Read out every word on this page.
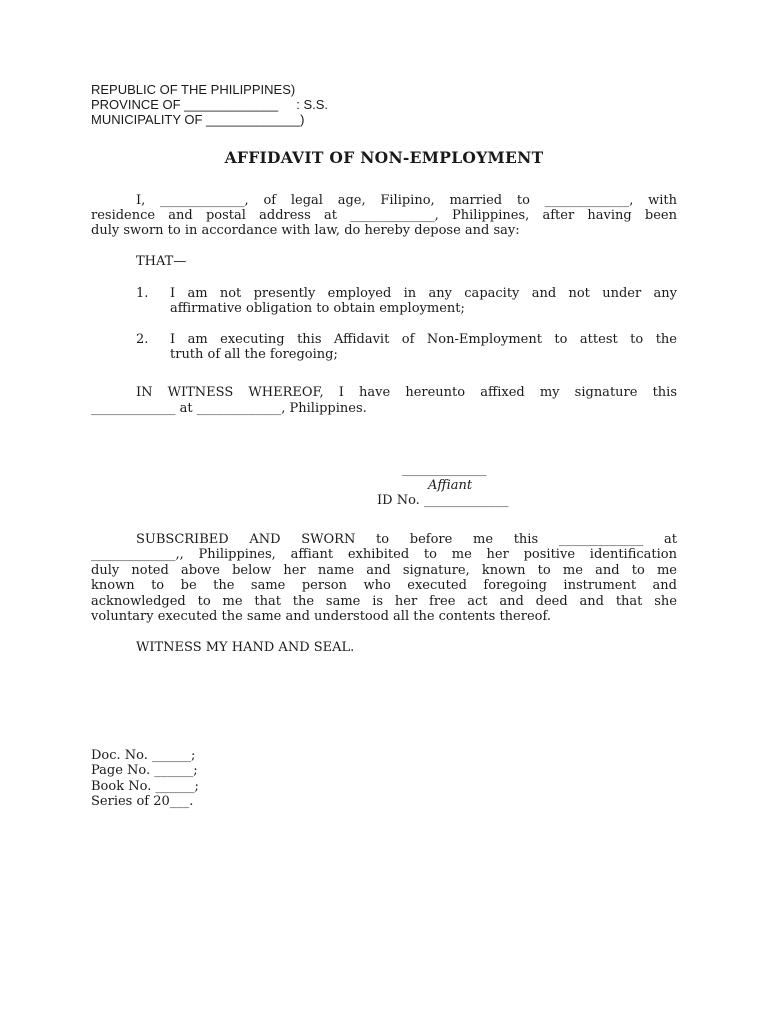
REPUBLIC OF THE PHILIPPINES)
PROVINCE OF _____________     : S.S.
MUNICIPALITY OF _____________)
AFFIDAVIT OF NON-EMPLOYMENT
I, _____________, of legal age, Filipino, married to _____________, with
residence and postal address at _____________, Philippines, after having been
duly sworn to in accordance with law, do hereby depose and say:
THAT—
1. I am not presently employed in any capacity and not under any
affirmative obligation to obtain employment;
2. I am executing this Affidavit of Non-Employment to attest to the
truth of all the foregoing;
IN WITNESS WHEREOF, I have hereunto affixed my signature this
_____________ at _____________, Philippines.
_____________
Affiant
ID No. _____________
SUBSCRIBED AND SWORN to before me this _____________ at
_____________,, Philippines, affiant exhibited to me her positive identification
duly noted above below her name and signature, known to me and to me
known to be the same person who executed foregoing instrument and
acknowledged to me that the same is her free act and deed and that she
voluntary executed the same and understood all the contents thereof.
WITNESS MY HAND AND SEAL.
Doc. No. ______;
Page No. ______;
Book No. ______;
Series of 20___.
